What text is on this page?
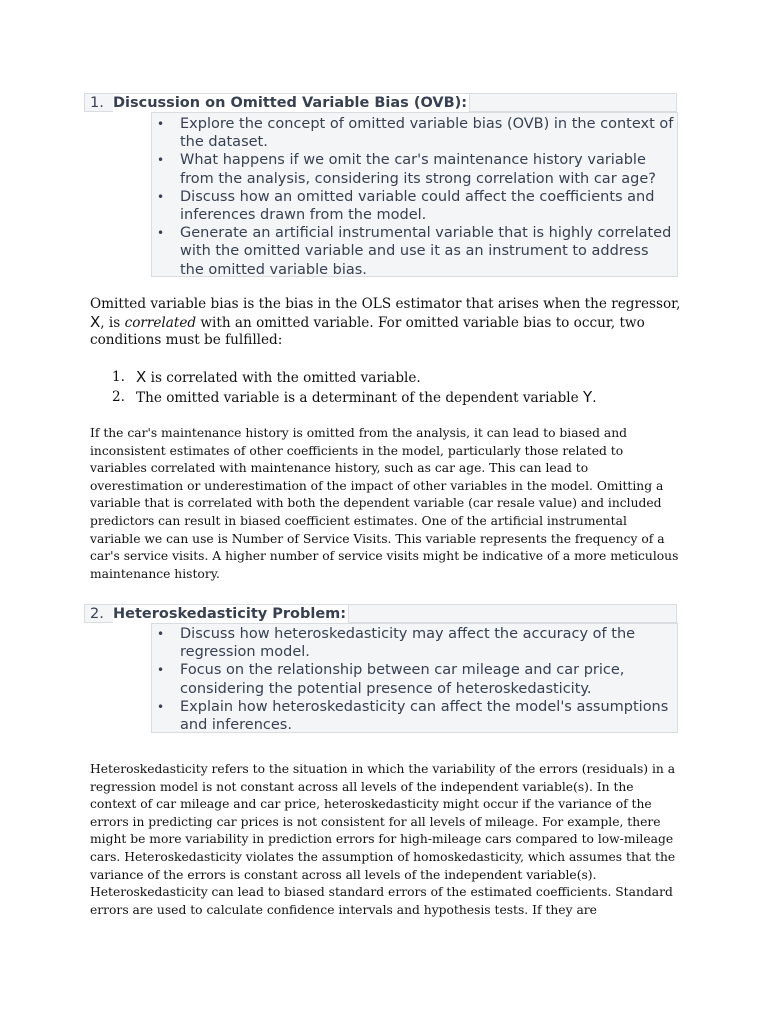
1. Discussion on Omitted Variable Bias (OVB):
• Explore the concept of omitted variable bias (OVB) in the context of the dataset.
• What happens if we omit the car's maintenance history variable from the analysis, considering its strong correlation with car age?
• Discuss how an omitted variable could affect the coefficients and inferences drawn from the model.
• Generate an artificial instrumental variable that is highly correlated with the omitted variable and use it as an instrument to address the omitted variable bias.
Omitted variable bias is the bias in the OLS estimator that arises when the regressor, X, is correlated with an omitted variable. For omitted variable bias to occur, two conditions must be fulfilled:
1. X is correlated with the omitted variable.
2. The omitted variable is a determinant of the dependent variable Y.
If the car's maintenance history is omitted from the analysis, it can lead to biased and inconsistent estimates of other coefficients in the model, particularly those related to variables correlated with maintenance history, such as car age. This can lead to overestimation or underestimation of the impact of other variables in the model. Omitting a variable that is correlated with both the dependent variable (car resale value) and included predictors can result in biased coefficient estimates. One of the artificial instrumental variable we can use is Number of Service Visits. This variable represents the frequency of a car's service visits. A higher number of service visits might be indicative of a more meticulous maintenance history.
2. Heteroskedasticity Problem:
• Discuss how heteroskedasticity may affect the accuracy of the regression model.
• Focus on the relationship between car mileage and car price, considering the potential presence of heteroskedasticity.
• Explain how heteroskedasticity can affect the model's assumptions and inferences.
Heteroskedasticity refers to the situation in which the variability of the errors (residuals) in a regression model is not constant across all levels of the independent variable(s). In the context of car mileage and car price, heteroskedasticity might occur if the variance of the errors in predicting car prices is not consistent for all levels of mileage. For example, there might be more variability in prediction errors for high-mileage cars compared to low-mileage cars. Heteroskedasticity violates the assumption of homoskedasticity, which assumes that the variance of the errors is constant across all levels of the independent variable(s). Heteroskedasticity can lead to biased standard errors of the estimated coefficients. Standard errors are used to calculate confidence intervals and hypothesis tests. If they are
